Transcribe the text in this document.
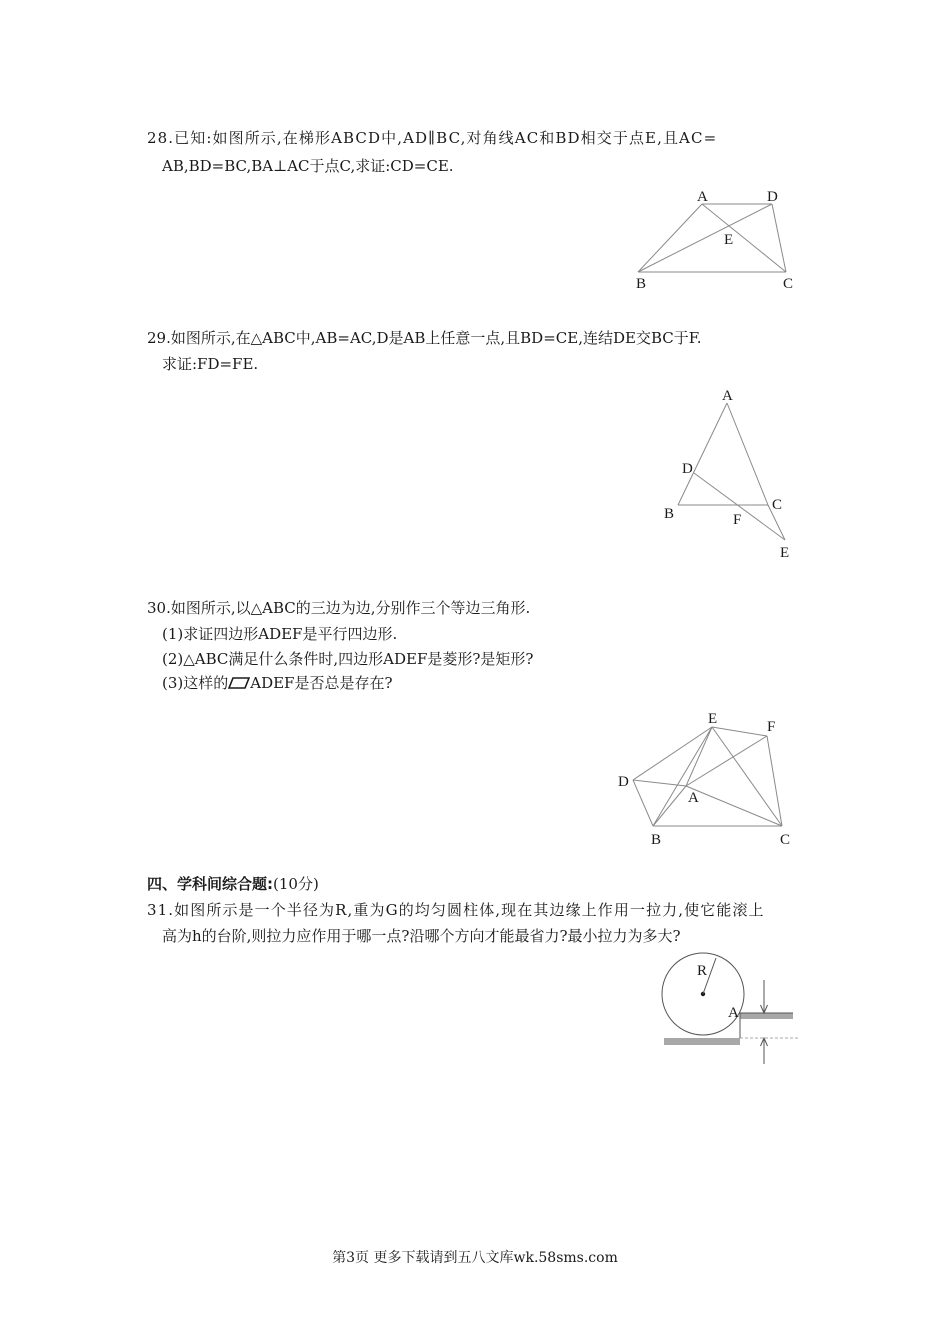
28.已知:如图所示,在梯形ABCD中,AD∥BC,对角线AC和BD相交于点E,且AC=
AB,BD=BC,BA⊥AC于点C,求证:CD=CE.
A	D
E
B	C
29.如图所示,在△ABC中,AB=AC,D是AB上任意一点,且BD=CE,连结DE交BC于F.
求证:FD=FE.
A
D
B	F
C
E
30.如图所示,以△ABC的三边为边,分别作三个等边三角形.
(1)求证四边形ADEF是平行四边形.
(2)△ABC满足什么条件时,四边形ADEF是菱形?是矩形?
(3)这样的 ADEF是否总是存在?
E	F
D
A
B	C
四、学科间综合题:(10分)
31.如图所示是一个半径为R,重为G的均匀圆柱体,现在其边缘上作用一拉力,使它能滚上
高为h的台阶,则拉力应作用于哪一点?沿哪个方向才能最省力?最小拉力为多大?
R
A
第3页 更多下载请到五八文库wk.58sms.com
